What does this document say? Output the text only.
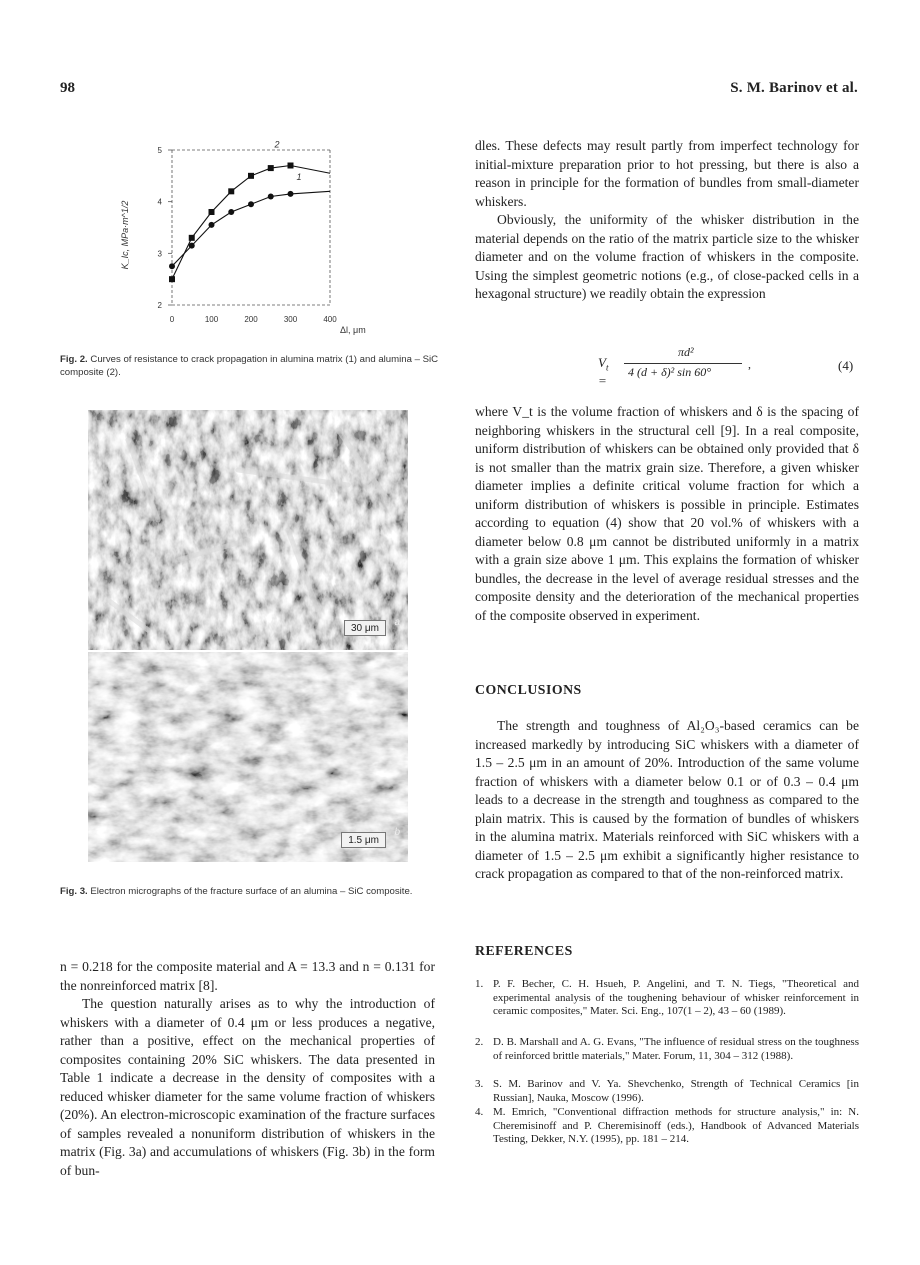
98	S. M. Barinov et al.
2
3
4
5
0	100	200	300	400
1
2
K_Ic, MPa·m^1/2
Δl, μm
Fig. 2. Curves of resistance to crack propagation in alumina matrix (1) and alumina – SiC composite (2).
30 μm
a
1.5 μm
b
Fig. 3. Electron micrographs of the fracture surface of an alumina – SiC composite.

n = 0.218 for the composite material and A = 13.3 and n = 0.131 for the nonreinforced matrix [8].

The question naturally arises as to why the introduction of whiskers with a diameter of 0.4 μm or less produces a negative, rather than a positive, effect on the mechanical properties of composites containing 20% SiC whiskers. The data presented in Table 1 indicate a decrease in the density of composites with a reduced whisker diameter for the same volume fraction of whiskers (20%). An electron-microscopic examination of the fracture surfaces of samples revealed a nonuniform distribution of whiskers in the matrix (Fig. 3a) and accumulations of whiskers (Fig. 3b) in the form of bun-

dles. These defects may result partly from imperfect technology for initial-mixture preparation prior to hot pressing, but there is also a reason in principle for the formation of bundles from small-diameter whiskers.

Obviously, the uniformity of the whisker distribution in the material depends on the ratio of the matrix particle size to the whisker diameter and on the volume fraction of whiskers in the composite. Using the simplest geometric notions (e.g., of close-packed cells in a hexagonal structure) we readily obtain the expression

$V_t$ =
πd²
4 (d + δ)² sin 60°
,	(4)

where V_t is the volume fraction of whiskers and δ is the spacing of neighboring whiskers in the structural cell [9]. In a real composite, uniform distribution of whiskers can be obtained only provided that δ is not smaller than the matrix grain size. Therefore, a given whisker diameter implies a definite critical volume fraction for which a uniform distribution of whiskers is possible in principle. Estimates according to equation (4) show that 20 vol.% of whiskers with a diameter below 0.8 μm cannot be distributed uniformly in a matrix with a grain size above 1 μm. This explains the formation of whisker bundles, the decrease in the level of average residual stresses and the composite density and the deterioration of the mechanical properties of the composite observed in experiment.

CONCLUSIONS

The strength and toughness of Al₂O₃-based ceramics can be increased markedly by introducing SiC whiskers with a diameter of 1.5 – 2.5 μm in an amount of 20%. Introduction of the same volume fraction of whiskers with a diameter below 0.1 or of 0.3 – 0.4 μm leads to a decrease in the strength and toughness as compared to the plain matrix. This is caused by the formation of bundles of whiskers in the alumina matrix. Materials reinforced with SiC whiskers with a diameter of 1.5 – 2.5 μm exhibit a significantly higher resistance to crack propagation as compared to that of the non-reinforced matrix.

REFERENCES
1. P. F. Becher, C. H. Hsueh, P. Angelini, and T. N. Tiegs, "Theoretical and experimental analysis of the toughening behaviour of whisker reinforcement in ceramic composites," Mater. Sci. Eng., 107(1 – 2), 43 – 60 (1989).
2. D. B. Marshall and A. G. Evans, "The influence of residual stress on the toughness of reinforced brittle materials," Mater. Forum, 11, 304 – 312 (1988).
3. S. M. Barinov and V. Ya. Shevchenko, Strength of Technical Ceramics [in Russian], Nauka, Moscow (1996).
4. M. Emrich, "Conventional diffraction methods for structure analysis," in: N. Cheremisinoff and P. Cheremisinoff (eds.), Handbook of Advanced Materials Testing, Dekker, N.Y. (1995), pp. 181 – 214.
